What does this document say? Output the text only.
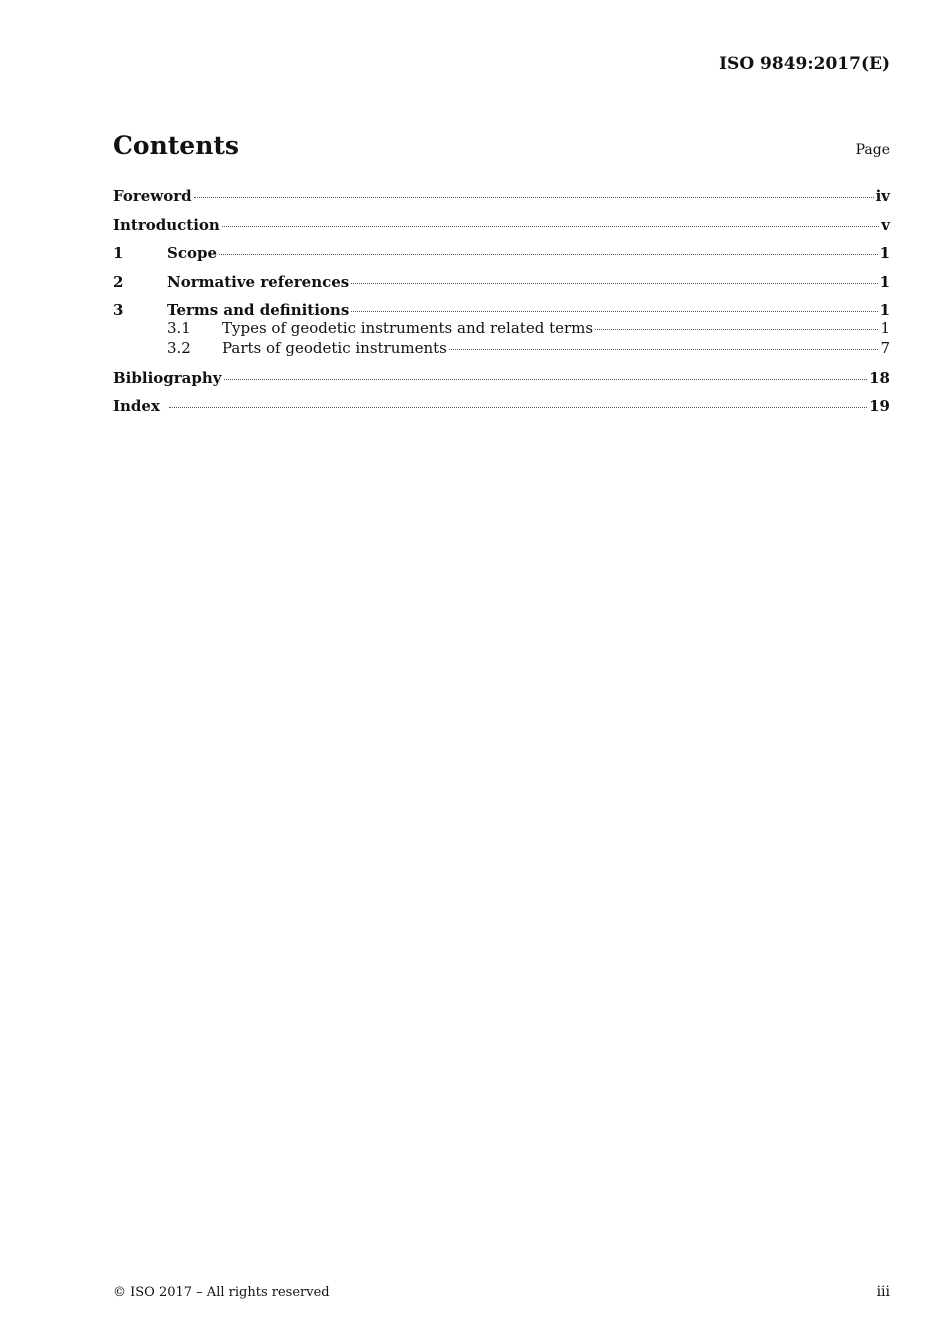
ISO 9849:2017(E)
Contents	Page
Foreword	iv
Introduction	v
1	Scope	1
2	Normative references	1
3	Terms and definitions	1
3.1	Types of geodetic instruments and related terms	1
3.2	Parts of geodetic instruments	7
Bibliography	18
Index	19
© ISO 2017 – All rights reserved	iii
